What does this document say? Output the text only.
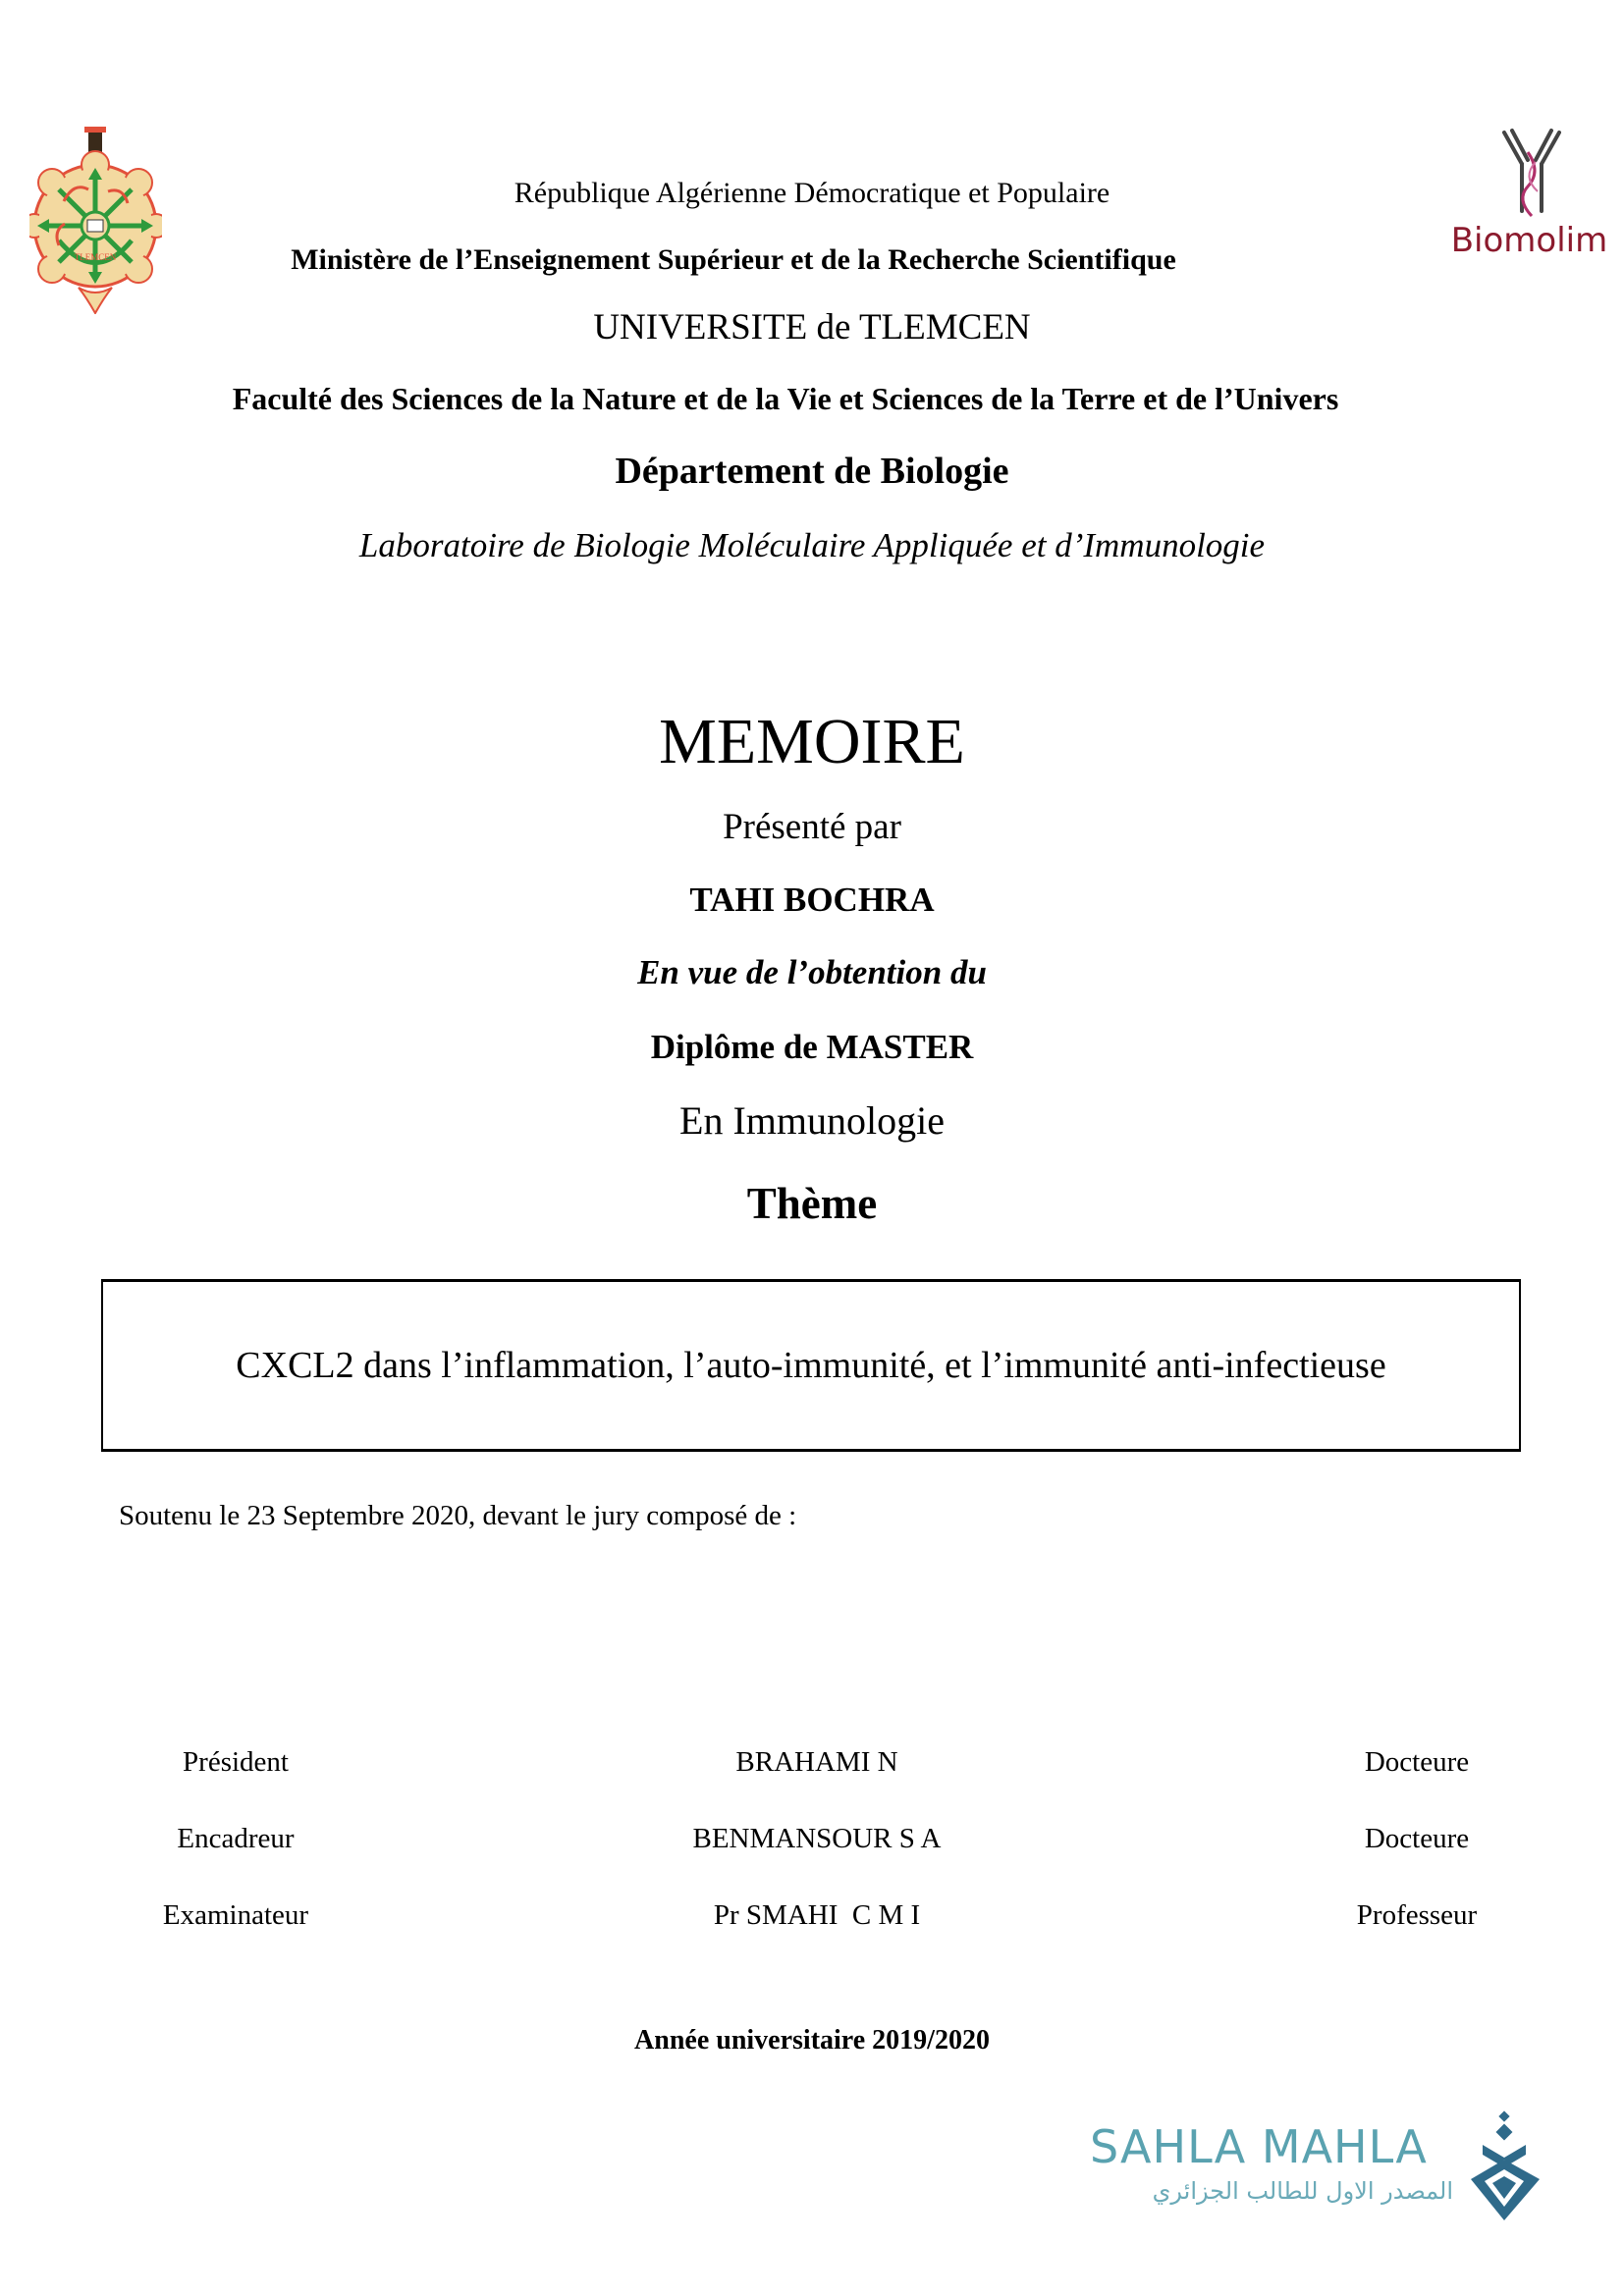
TLEMCEN	Biomolim
République Algérienne Démocratique et Populaire
Ministère de l’Enseignement Supérieur et de la Recherche Scientifique
UNIVERSITE de TLEMCEN
Faculté des Sciences de la Nature et de la Vie et Sciences de la Terre et de l’Univers
Département de Biologie
Laboratoire de Biologie Moléculaire Appliquée et d’Immunologie
MEMOIRE
Présenté par
TAHI BOCHRA
En vue de l’obtention du
Diplôme de MASTER
En Immunologie
Thème
CXCL2 dans l’inflammation, l’auto-immunité, et l’immunité anti-infectieuse
Soutenu le 23 Septembre 2020, devant le jury composé de :
Président	BRAHAMI N	Docteure
Encadreur	BENMANSOUR S A	Docteure
Examinateur	Pr SMAHI  C M I	Professeur
Année universitaire 2019/2020
SAHLA MAHLA
المصدر الاول للطالب الجزائري
